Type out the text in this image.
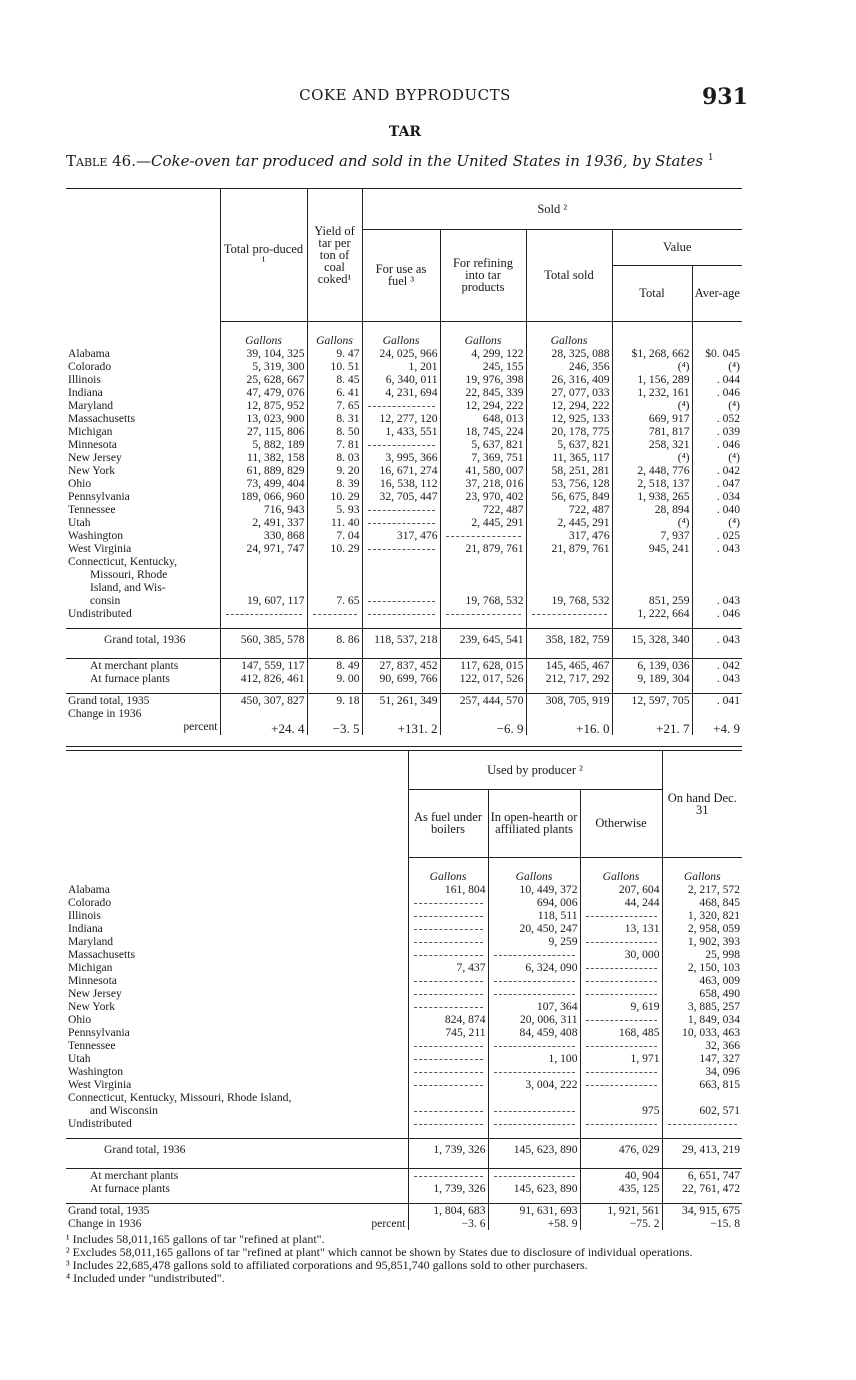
COKE AND BYPRODUCTS	931
TAR
Table 46.—Coke-oven tar produced and sold in the United States in 1936, by States $^1$
	Total pro-duced ¹	Yield of tar per ton of coal coked¹	Sold ²				
			For use as fuel ³	For refining into tar products	Total sold	Value	
						Total	Aver-age
	Gallons	Gallons	Gallons	Gallons	Gallons		
Alabama	39, 104, 325	9. 47	24, 025, 966	4, 299, 122	28, 325, 088	$1, 268, 662	$0. 045
Colorado	5, 319, 300	10. 51	1, 201	245, 155	246, 356	(⁴)	(⁴)
Illinois	25, 628, 667	8. 45	6, 340, 011	19, 976, 398	26, 316, 409	1, 156, 289	. 044
Indiana	47, 479, 076	6. 41	4, 231, 694	22, 845, 339	27, 077, 033	1, 232, 161	. 046
Maryland	12, 875, 952	7. 65		12, 294, 222	12, 294, 222	(⁴)	(⁴)
Massachusetts	13, 023, 900	8. 31	12, 277, 120	648, 013	12, 925, 133	669, 917	. 052
Michigan	27, 115, 806	8. 50	1, 433, 551	18, 745, 224	20, 178, 775	781, 817	. 039
Minnesota	5, 882, 189	7. 81		5, 637, 821	5, 637, 821	258, 321	. 046
New Jersey	11, 382, 158	8. 03	3, 995, 366	7, 369, 751	11, 365, 117	(⁴)	(⁴)
New York	61, 889, 829	9. 20	16, 671, 274	41, 580, 007	58, 251, 281	2, 448, 776	. 042
Ohio	73, 499, 404	8. 39	16, 538, 112	37, 218, 016	53, 756, 128	2, 518, 137	. 047
Pennsylvania	189, 066, 960	10. 29	32, 705, 447	23, 970, 402	56, 675, 849	1, 938, 265	. 034
Tennessee	716, 943	5. 93		722, 487	722, 487	28, 894	. 040
Utah	2, 491, 337	11. 40		2, 445, 291	2, 445, 291	(⁴)	(⁴)
Washington	330, 868	7. 04	317, 476		317, 476	7, 937	. 025
West Virginia	24, 971, 747	10. 29		21, 879, 761	21, 879, 761	945, 241	. 043
Connecticut, Kentucky,							
Missouri, Rhode							
Island, and Wis-							
consin	19, 607, 117	7. 65		19, 768, 532	19, 768, 532	851, 259	. 043
Undistributed						1, 222, 664	. 046

Grand total, 1936	560, 385, 578	8. 86	118, 537, 218	239, 645, 541	358, 182, 759	15, 328, 340	. 043

At merchant plants	147, 559, 117	8. 49	27, 837, 452	117, 628, 015	145, 465, 467	6, 139, 036	. 042
At furnace plants	412, 826, 461	9. 00	90, 699, 766	122, 017, 526	212, 717, 292	9, 189, 304	. 043

Grand total, 1935	450, 307, 827	9. 18	51, 261, 349	257, 444, 570	308, 705, 919	12, 597, 705	. 041
Change in 1936							
percent	+24. 4	−3. 5	+131. 2	−6. 9	+16. 0	+21. 7	+4. 9
	Used by producer ²			On hand Dec. 31
	As fuel under boilers	In open-hearth or affiliated plants	Otherwise	
	Gallons	Gallons	Gallons	Gallons
Alabama	161, 804	10, 449, 372	207, 604	2, 217, 572
Colorado		694, 006	44, 244	468, 845
Illinois		118, 511		1, 320, 821
Indiana		20, 450, 247	13, 131	2, 958, 059
Maryland		9, 259		1, 902, 393
Massachusetts			30, 000	25, 998
Michigan	7, 437	6, 324, 090		2, 150, 103
Minnesota				463, 009
New Jersey				658, 490
New York		107, 364	9, 619	3, 885, 257
Ohio	824, 874	20, 006, 311		1, 849, 034
Pennsylvania	745, 211	84, 459, 408	168, 485	10, 033, 463
Tennessee				32, 366
Utah		1, 100	1, 971	147, 327
Washington				34, 096
West Virginia		3, 004, 222		663, 815
Connecticut, Kentucky, Missouri, Rhode Island,				
and Wisconsin			975	602, 571
Undistributed	

Grand total, 1936	1, 739, 326	145, 623, 890	476, 029	29, 413, 219

At merchant plants			40, 904	6, 651, 747
At furnace plants	1, 739, 326	145, 623, 890	435, 125	22, 761, 472

Grand total, 1935	1, 804, 683	91, 631, 693	1, 921, 561	34, 915, 675
Change in 1936 percent	−3. 6	+58. 9	−75. 2	−15. 8
¹ Includes 58,011,165 gallons of tar "refined at plant".
² Excludes 58,011,165 gallons of tar "refined at plant" which cannot be shown by States due to disclosure of individual operations.
³ Includes 22,685,478 gallons sold to affiliated corporations and 95,851,740 gallons sold to other purchasers.
⁴ Included under "undistributed".
